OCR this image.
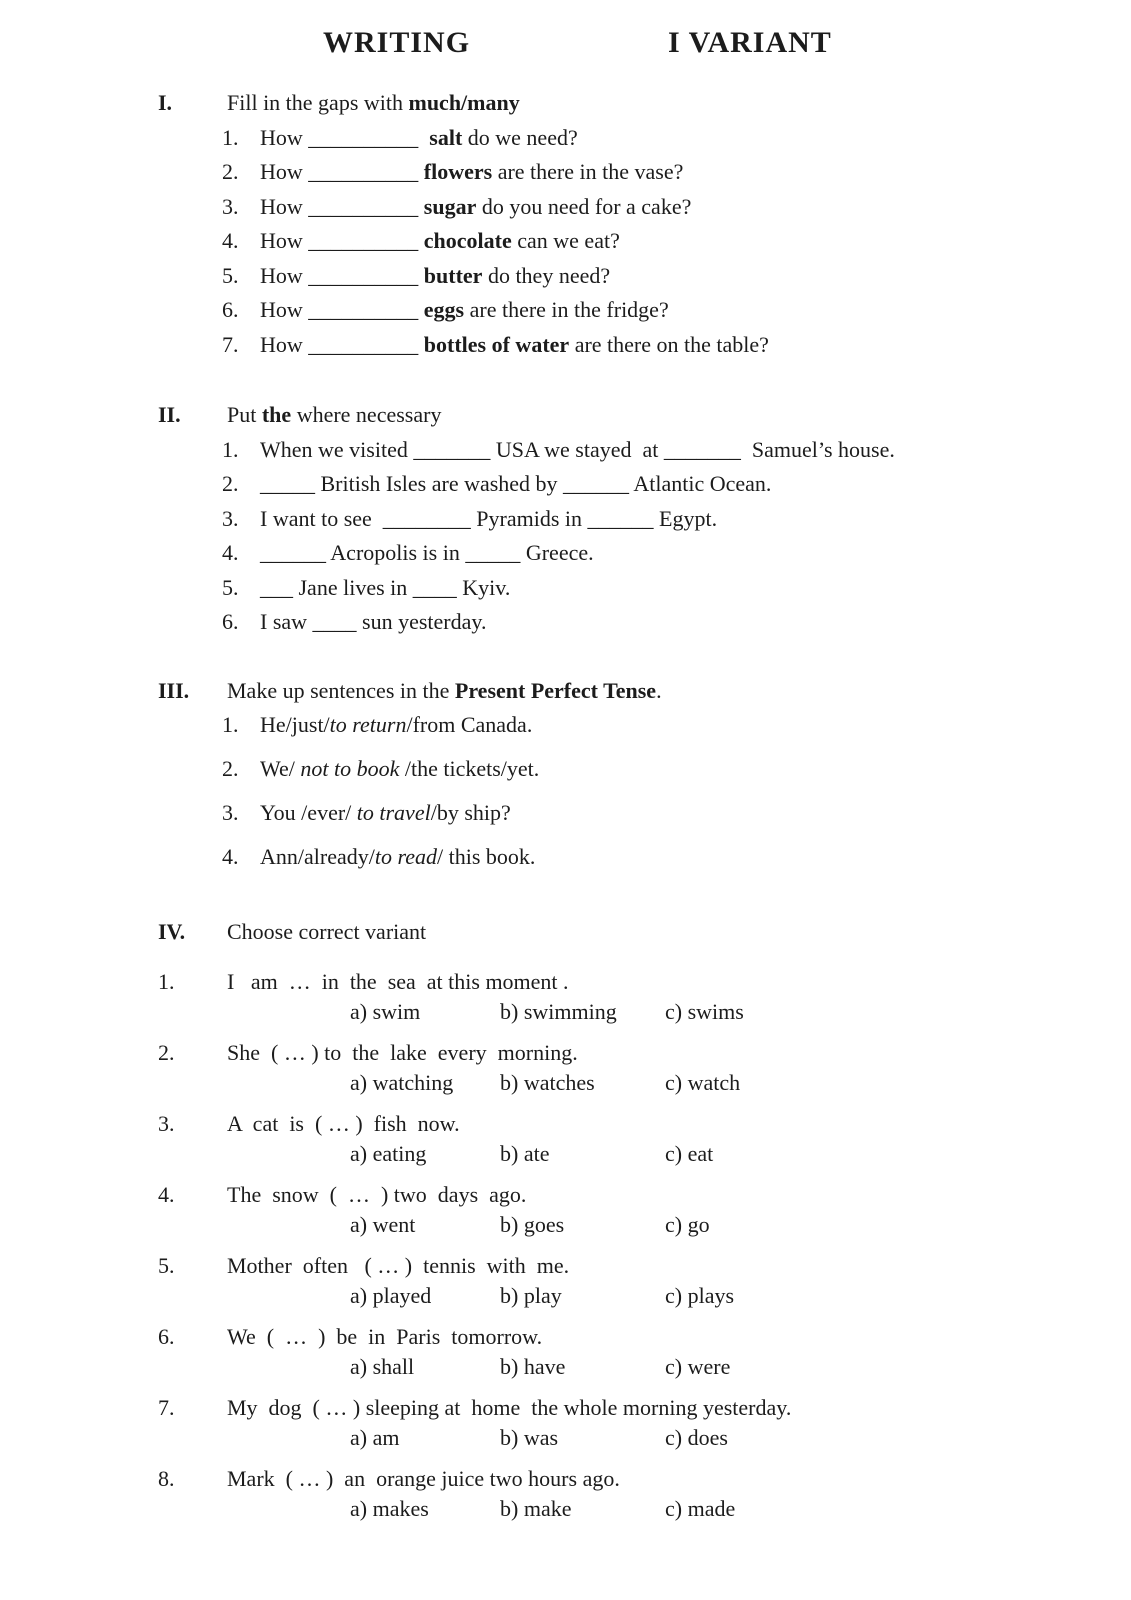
WRITING	I VARIANT
I.	Fill in the gaps with much/many
1. How __________  salt do we need?
2. How __________ flowers are there in the vase?
3. How __________ sugar do you need for a cake?
4. How __________ chocolate can we eat?
5. How __________ butter do they need?
6. How __________ eggs are there in the fridge?
7. How __________ bottles of water are there on the table?
II.	Put the where necessary
1. When we visited _______ USA we stayed  at _______  Samuel’s house.
2. _____ British Isles are washed by ______ Atlantic Ocean.
3. I want to see  ________ Pyramids in ______ Egypt.
4. ______ Acropolis is in _____ Greece.
5. ___ Jane lives in ____ Kyiv.
6. I saw ____ sun yesterday.
III.	Make up sentences in the Present Perfect Tense.
1. He/just/to return/from Canada.
2. We/ not to book /the tickets/yet.
3. You /ever/ to travel/by ship?
4. Ann/already/to read/ this book.
IV.	Choose correct variant
1.	I   am  …  in  the  sea  at this moment .
a) swim	b) swimming	c) swims
2.	She  ( … ) to  the  lake  every  morning.
a) watching	b) watches	c) watch
3.	A  cat  is  ( … )  fish  now.
a) eating	b) ate	c) eat
4.	The  snow  (  …  ) two  days  ago.
a) went	b) goes	c) go
5.	Mother  often   ( … )  tennis  with  me.
a) played	b) play	c) plays
6.	We  (  …  )  be  in  Paris  tomorrow.
a) shall	b) have	c) were
7.	My  dog  ( … ) sleeping at  home  the whole morning yesterday.
a) am	b) was	c) does
8.	Mark  ( … )  an  orange juice two hours ago.
a) makes	b) make	c) made
